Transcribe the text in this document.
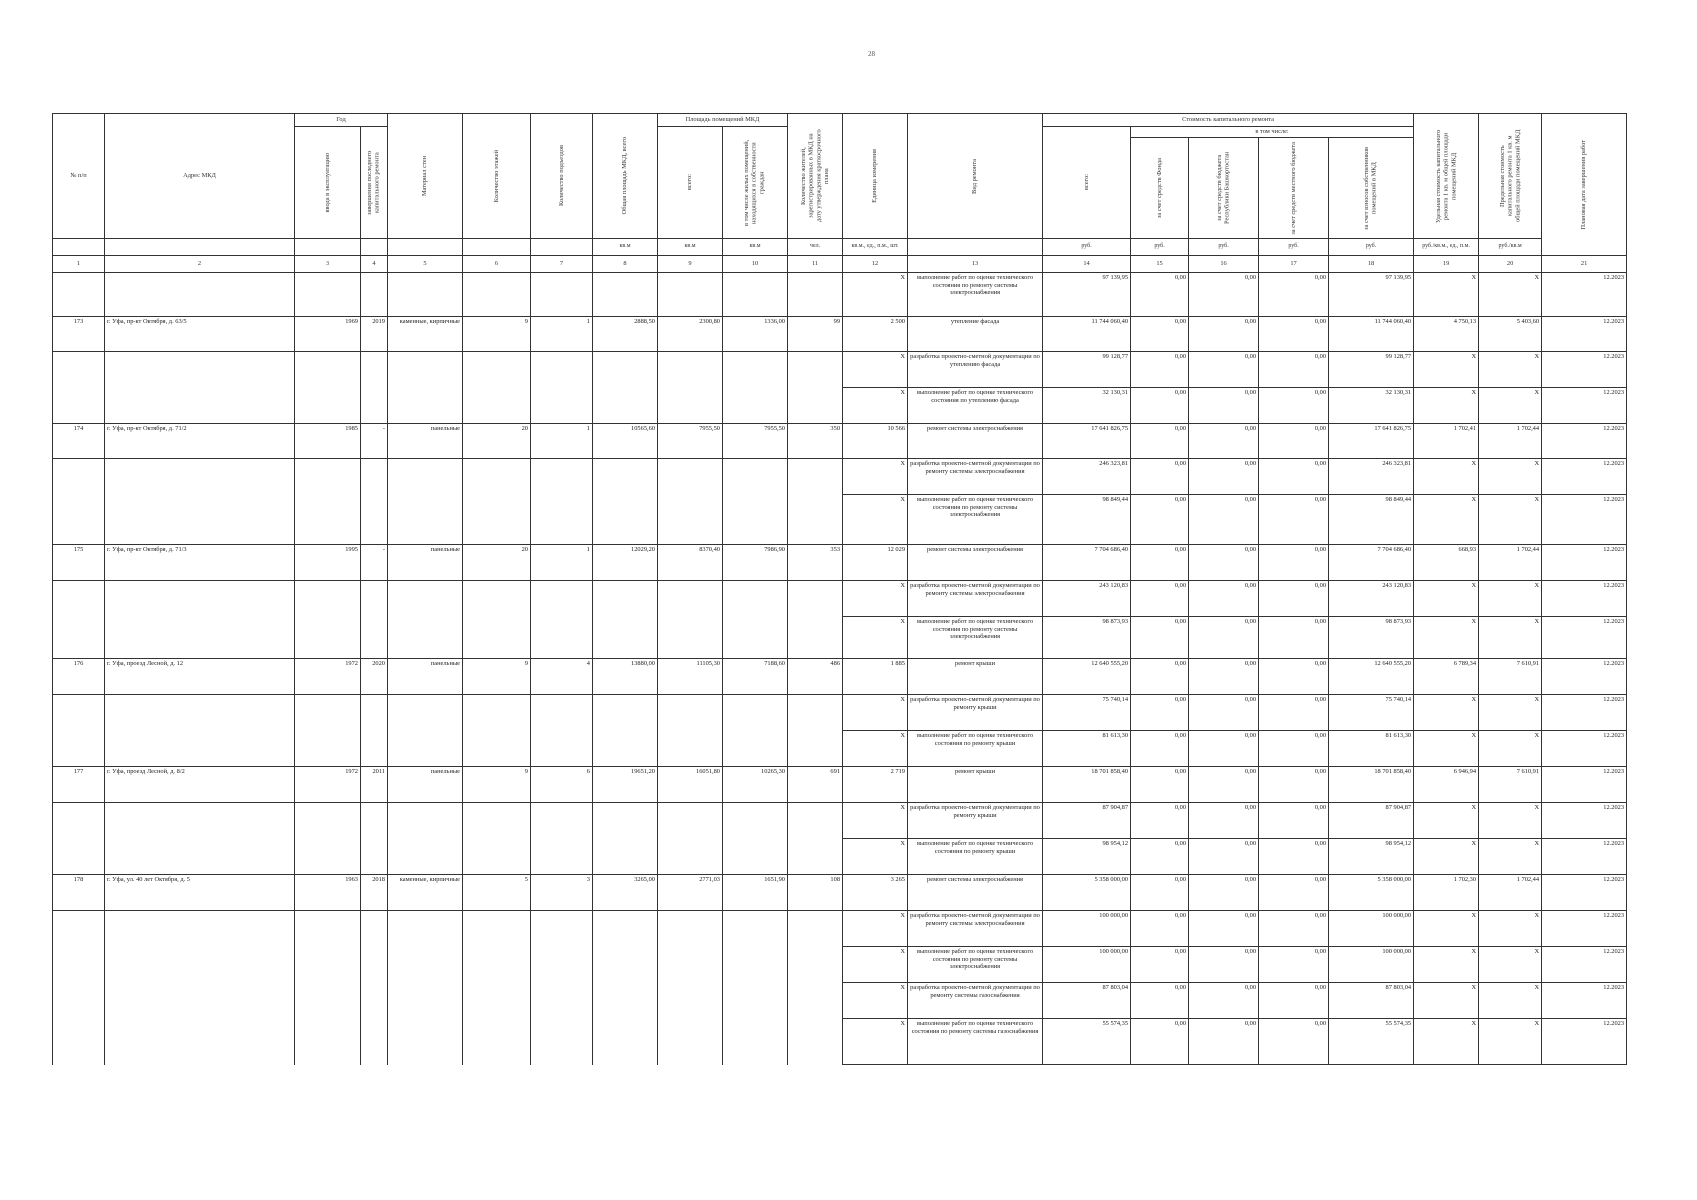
28
№ п/п	Адрес МКД	Год		Материал стен	Количество этажей	Количество подъездов	Общая площадь МКД, всего	Площадь помещений МКД		Количество жителей, зарегистрированных в МКД на дату утверждения краткосрочного плана	Единица измерения	Вид ремонта	Стоимость капитального ремонта					Удельная стоимость капитального ремонта 1 кв. м общей площади помещений МКД	Предельная стоимость капитального ремонта 1 кв. м общей площади помещений МКД	Плановая дата завершения работ

		ввода в эксплуатацию	завершения последнего капитального ремонта					всего:	в том числе жилых помещений, находящихся в собственности граждан				всего:	в том числе:						

														за счет средств Фонда	за счет средств бюджета Республики Башкортостан	за счет средств местного бюджета	за счет взносов собственников помещений в МКД			

							кв.м	кв.м	кв.м	чел.	кв.м., ед., п.м., шт.		руб.	руб.	руб.	руб.	руб.	руб./кв.м., ед., п.м.	руб./кв.м	
1	2	3	4	5	6	7	8	9	10	11	12	13	14	15	16	17	18	19	20	21
											X	выполнение работ по оценке технического состояния по ремонту системы электроснабжения	97 139,95	0,00	0,00	0,00	97 139,95	X	X	12.2023
173	г. Уфа, пр-кт Октября, д. 63/5	1969	2019	каменные, кирпичные	9	1	2888,50	2300,80	1336,00	99	2 500	утепление фасада	11 744 060,40	0,00	0,00	0,00	11 744 060,40	4 750,13	5 403,60	12.2023
											X	разработка проектно-сметной документации по утеплению фасада	99 128,77	0,00	0,00	0,00	99 128,77	X	X	12.2023
											X	выполнение работ по оценке технического состояния по утеплению фасада	32 130,31	0,00	0,00	0,00	32 130,31	X	X	12.2023
174	г. Уфа, пр-кт Октября, д. 71/2	1985	-	панельные	20	1	10565,60	7955,50	7955,50	350	10 566	ремонт системы электроснабжения	17 641 826,75	0,00	0,00	0,00	17 641 826,75	1 702,41	1 702,44	12.2023
											X	разработка проектно-сметной документации по ремонту системы электроснабжения	246 323,81	0,00	0,00	0,00	246 323,81	X	X	12.2023
											X	выполнение работ по оценке технического состояния по ремонту системы электроснабжения	98 849,44	0,00	0,00	0,00	98 849,44	X	X	12.2023
175	г. Уфа, пр-кт Октября, д. 71/3	1995	-	панельные	20	1	12029,20	8370,40	7986,90	353	12 029	ремонт системы электроснабжения	7 704 686,40	0,00	0,00	0,00	7 704 686,40	668,93	1 702,44	12.2023
											X	разработка проектно-сметной документации по ремонту системы электроснабжения	243 120,83	0,00	0,00	0,00	243 120,83	X	X	12.2023
											X	выполнение работ по оценке технического состояния по ремонту системы электроснабжения	98 873,93	0,00	0,00	0,00	98 873,93	X	X	12.2023
176	г. Уфа, проезд Лесной, д. 12	1972	2020	панельные	9	4	13880,00	11105,30	7188,60	486	1 885	ремонт крыши	12 640 555,20	0,00	0,00	0,00	12 640 555,20	6 789,34	7 610,91	12.2023
											X	разработка проектно-сметной документации по ремонту крыши	75 740,14	0,00	0,00	0,00	75 740,14	X	X	12.2023
											X	выполнение работ по оценке технического состояния по ремонту крыши	81 613,30	0,00	0,00	0,00	81 613,30	X	X	12.2023
177	г. Уфа, проезд Лесной, д. 8/2	1972	2011	панельные	9	6	19651,20	16051,80	10265,30	691	2 719	ремонт крыши	18 701 858,40	0,00	0,00	0,00	18 701 858,40	6 946,94	7 610,91	12.2023
											X	разработка проектно-сметной документации по ремонту крыши	87 904,87	0,00	0,00	0,00	87 904,87	X	X	12.2023
											X	выполнение работ по оценке технического состояния по ремонту крыши	98 954,12	0,00	0,00	0,00	98 954,12	X	X	12.2023
178	г. Уфа, ул. 40 лет Октября, д. 5	1963	2018	каменные, кирпичные	5	3	3265,00	2771,03	1651,90	108	3 265	ремонт системы электроснабжения	5 358 000,00	0,00	0,00	0,00	5 358 000,00	1 702,30	1 702,44	12.2023
											X	разработка проектно-сметной документации по ремонту системы электроснабжения	100 000,00	0,00	0,00	0,00	100 000,00	X	X	12.2023
											X	выполнение работ по оценке технического состояния по ремонту системы электроснабжения	100 000,00	0,00	0,00	0,00	100 000,00	X	X	12.2023
											X	разработка проектно-сметной документации по ремонту системы газоснабжения	87 803,04	0,00	0,00	0,00	87 803,04	X	X	12.2023
											X	выполнение работ по оценке технического состояния по ремонту системы газоснабжения	55 574,35	0,00	0,00	0,00	55 574,35	X	X	12.2023
